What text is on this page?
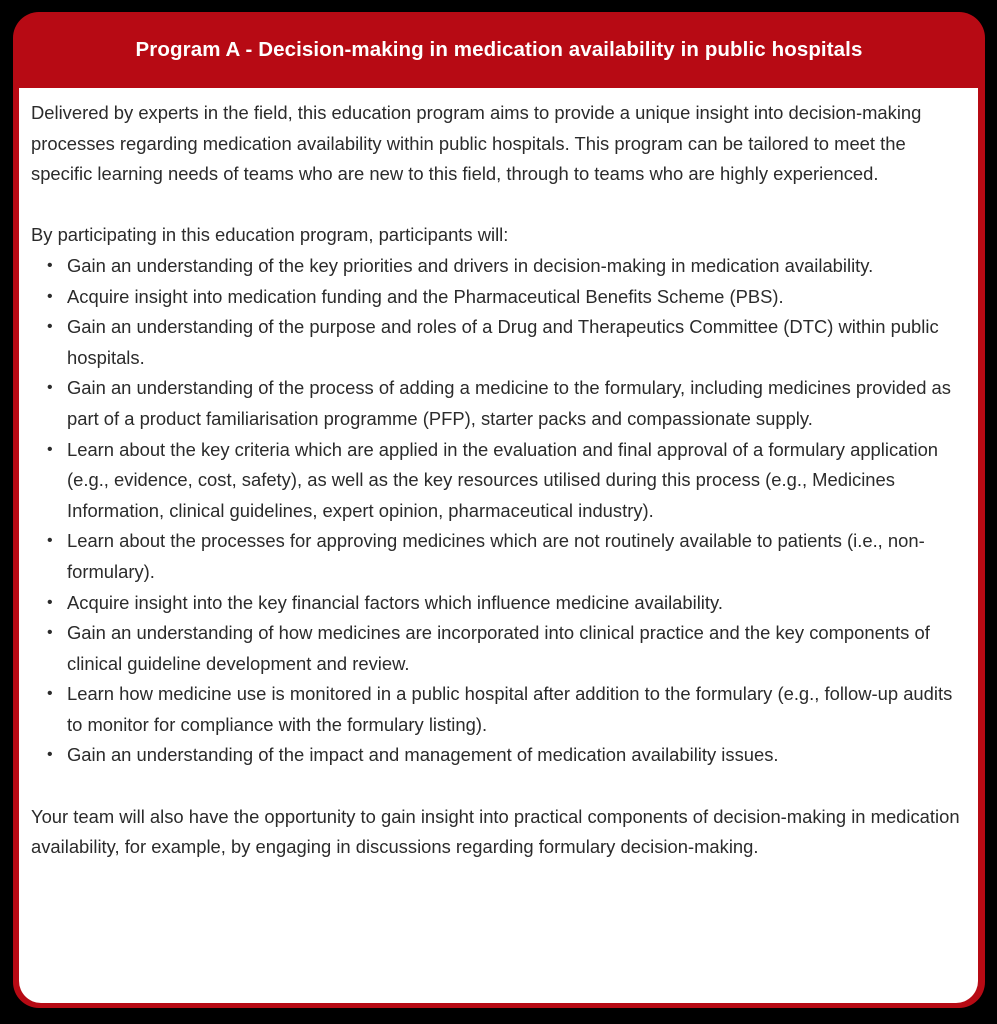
Program A - Decision-making in medication availability in public hospitals

Delivered by experts in the field, this education program aims to provide a unique insight into decision-making processes regarding medication availability within public hospitals. This program can be tailored to meet the specific learning needs of teams who are new to this field, through to teams who are highly experienced.

By participating in this education program, participants will:

• Gain an understanding of the key priorities and drivers in decision-making in medication availability.
• Acquire insight into medication funding and the Pharmaceutical Benefits Scheme (PBS).
• Gain an understanding of the purpose and roles of a Drug and Therapeutics Committee (DTC) within public hospitals.
• Gain an understanding of the process of adding a medicine to the formulary, including medicines provided as part of a product familiarisation programme (PFP), starter packs and compassionate supply.
• Learn about the key criteria which are applied in the evaluation and final approval of a formulary application (e.g., evidence, cost, safety), as well as the key resources utilised during this process (e.g., Medicines Information, clinical guidelines, expert opinion, pharmaceutical industry).
• Learn about the processes for approving medicines which are not routinely available to patients (i.e., non-formulary).
• Acquire insight into the key financial factors which influence medicine availability.
• Gain an understanding of how medicines are incorporated into clinical practice and the key components of clinical guideline development and review.
• Learn how medicine use is monitored in a public hospital after addition to the formulary (e.g., follow-up audits to monitor for compliance with the formulary listing).
• Gain an understanding of the impact and management of medication availability issues.

Your team will also have the opportunity to gain insight into practical components of decision-making in medication availability, for example, by engaging in discussions regarding formulary decision-making.
